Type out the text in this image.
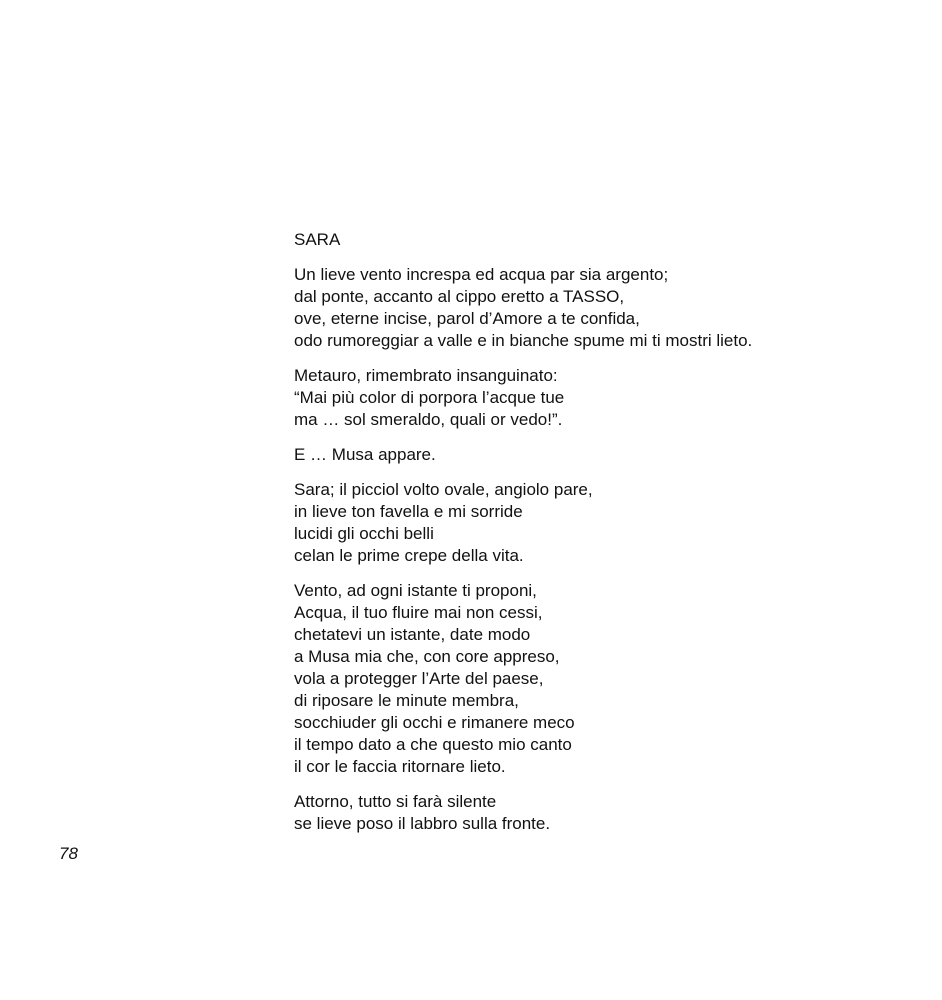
SARA
Un lieve vento increspa ed acqua par sia argento;
dal ponte, accanto al cippo eretto a TASSO,
ove, eterne incise, parol d’Amore a te confida,
odo rumoreggiar a valle e in bianche spume mi ti mostri lieto.
Metauro, rimembrato insanguinato:
“Mai più color di porpora l’acque tue
ma … sol smeraldo, quali or vedo!”.
E … Musa appare.
Sara; il picciol volto ovale, angiolo pare,
in lieve ton favella e mi sorride
lucidi gli occhi belli
celan le prime crepe della vita.
Vento, ad ogni istante ti proponi,
Acqua, il tuo fluire mai non cessi,
chetatevi un istante, date modo
a Musa mia che, con core appreso,
vola a protegger l’Arte del paese,
di riposare le minute membra,
socchiuder gli occhi e rimanere meco
il tempo dato a che questo mio canto
il cor le faccia ritornare lieto.
Attorno, tutto si farà silente
se lieve poso il labbro sulla fronte.
78
